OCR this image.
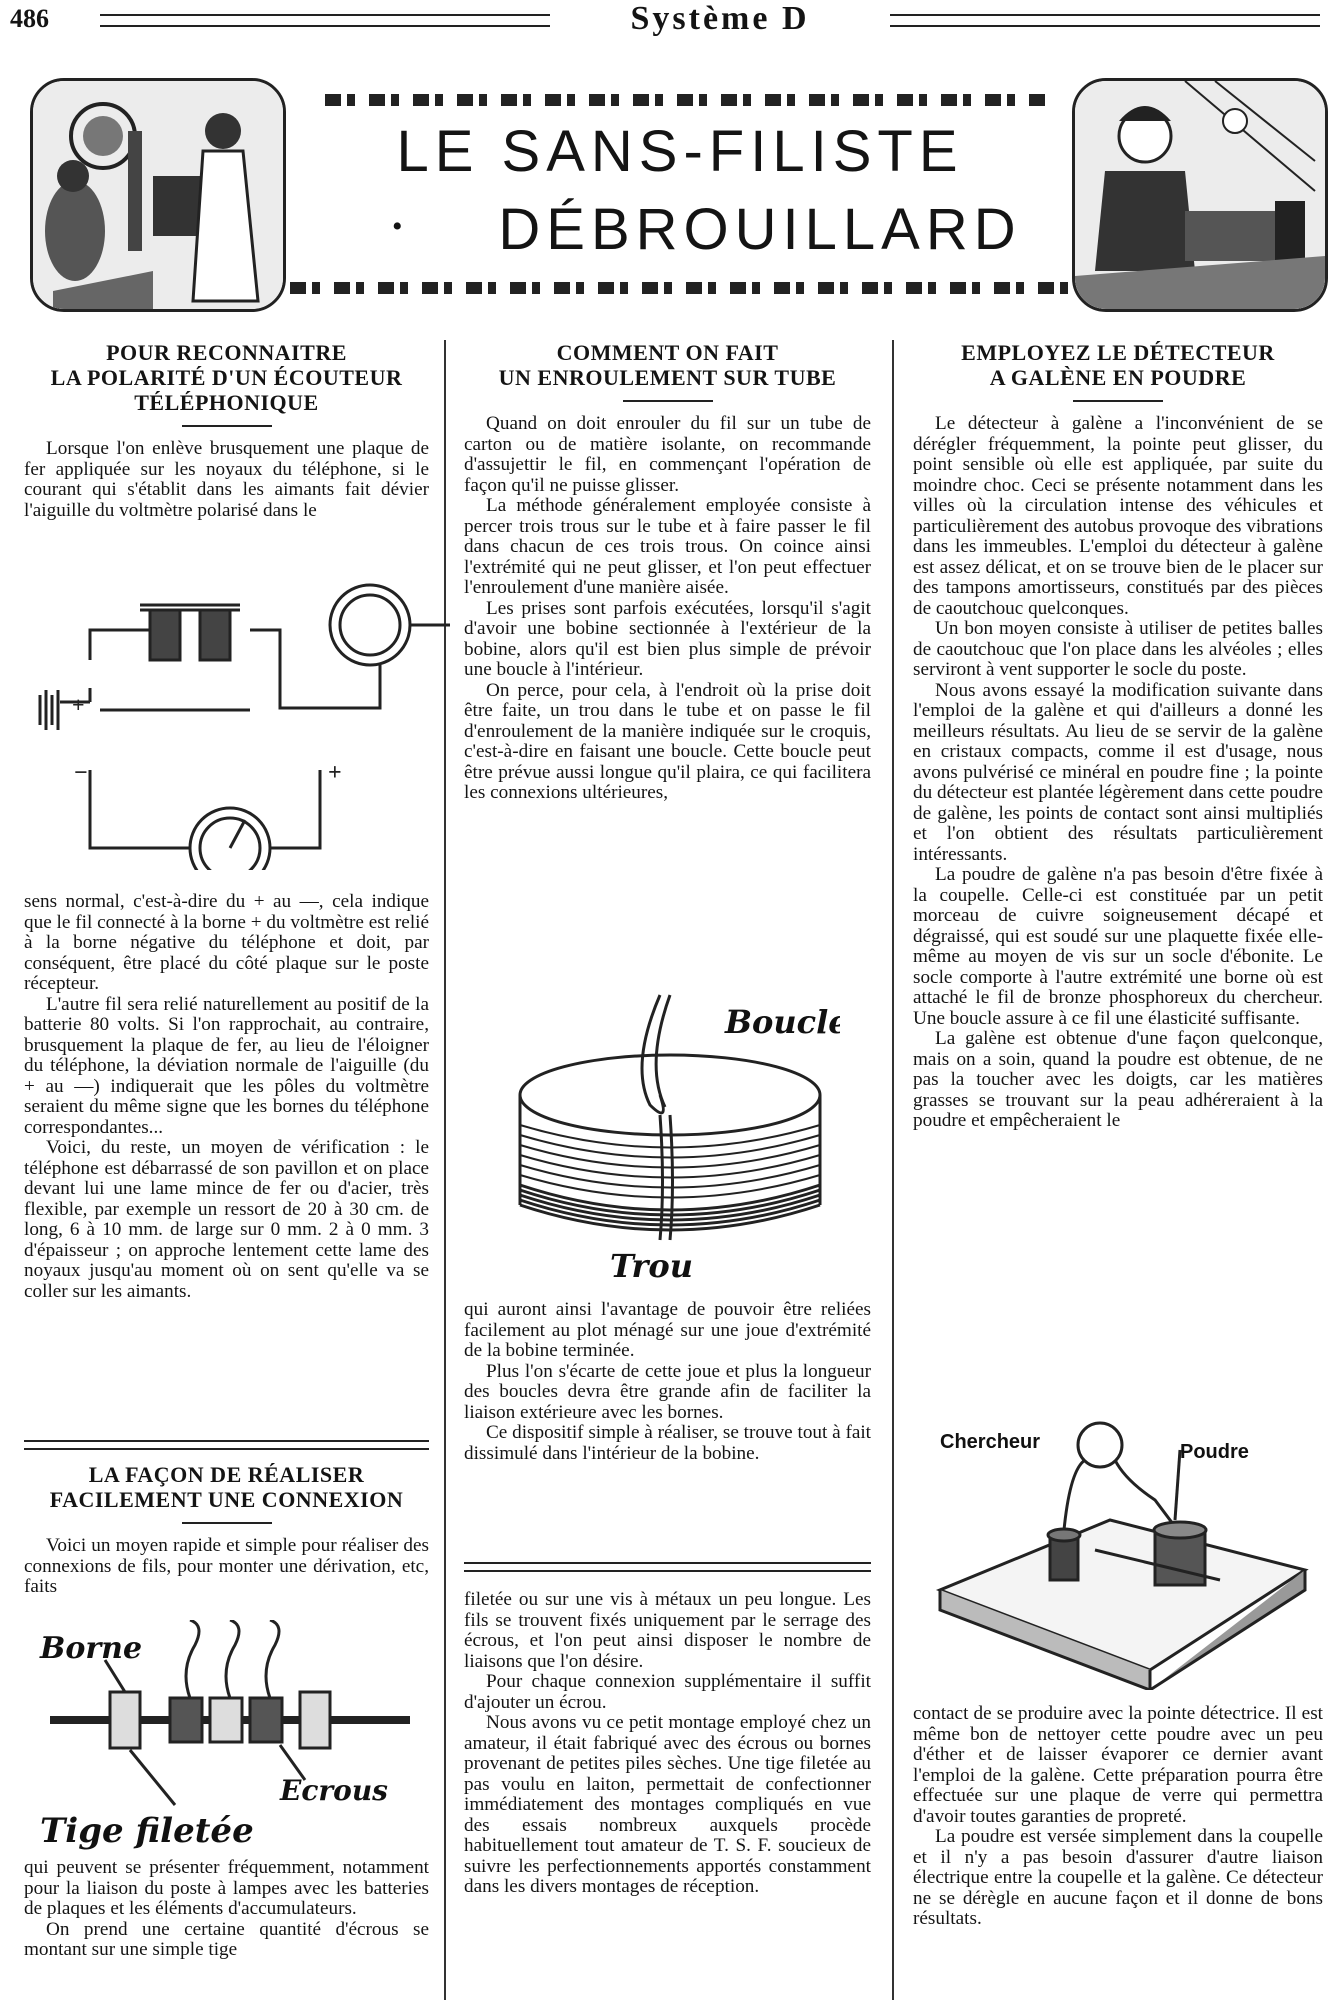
486	Système D
LE SANS-FILISTE
•	DÉBROUILLARD
POUR RECONNAITRE
LA POLARITÉ D'UN ÉCOUTEUR
TÉLÉPHONIQUE

Lorsque l'on enlève brusquement une plaque de fer appliquée sur les noyaux du téléphone, si le courant qui s'établit dans les aimants fait dévier l'aiguille du voltmètre polarisé dans le

+	−
−	+

sens normal, c'est-à-dire du + au —, cela indique que le fil connecté à la borne + du voltmètre est relié à la borne négative du téléphone et doit, par conséquent, être placé du côté plaque sur le poste récepteur.

L'autre fil sera relié naturellement au positif de la batterie 80 volts. Si l'on rapprochait, au contraire, brusquement la plaque de fer, au lieu de l'éloigner du téléphone, la déviation normale de l'aiguille (du + au —) indiquerait que les pôles du voltmètre seraient du même signe que les bornes du téléphone correspondantes...

Voici, du reste, un moyen de vérification : le téléphone est débarrassé de son pavillon et on place devant lui une lame mince de fer ou d'acier, très flexible, par exemple un ressort de 20 à 30 cm. de long, 6 à 10 mm. de large sur 0 mm. 2 à 0 mm. 3 d'épaisseur ; on approche lentement cette lame des noyaux jusqu'au moment où on sent qu'elle va se coller sur les aimants.

LA FAÇON DE RÉALISER
FACILEMENT UNE CONNEXION

Voici un moyen rapide et simple pour réaliser des connexions de fils, pour monter une dérivation, etc, faits

Borne
Tige filetée
Ecrous

qui peuvent se présenter fréquemment, notamment pour la liaison du poste à lampes avec les batteries de plaques et les éléments d'accumulateurs.

On prend une certaine quantité d'écrous se montant sur une simple tige

COMMENT ON FAIT
UN ENROULEMENT SUR TUBE

Quand on doit enrouler du fil sur un tube de carton ou de matière isolante, on recommande d'assujettir le fil, en commençant l'opération de façon qu'il ne puisse glisser.

La méthode généralement employée consiste à percer trois trous sur le tube et à faire passer le fil dans chacun de ces trois trous. On coince ainsi l'extrémité qui ne peut glisser, et l'on peut effectuer l'enroulement d'une manière aisée.

Les prises sont parfois exécutées, lorsqu'il s'agit d'avoir une bobine sectionnée à l'extérieur de la bobine, alors qu'il est bien plus simple de prévoir une boucle à l'intérieur.

On perce, pour cela, à l'endroit où la prise doit être faite, un trou dans le tube et on passe le fil d'enroulement de la manière indiquée sur le croquis, c'est-à-dire en faisant une boucle. Cette boucle peut être prévue aussi longue qu'il plaira, ce qui facilitera les connexions ultérieures,

Boucle
Trou

qui auront ainsi l'avantage de pouvoir être reliées facilement au plot ménagé sur une joue d'extrémité de la bobine terminée.

Plus l'on s'écarte de cette joue et plus la longueur des boucles devra être grande afin de faciliter la liaison extérieure avec les bornes.

Ce dispositif simple à réaliser, se trouve tout à fait dissimulé dans l'intérieur de la bobine.

filetée ou sur une vis à métaux un peu longue. Les fils se trouvent fixés uniquement par le serrage des écrous, et l'on peut ainsi disposer le nombre de liaisons que l'on désire.

Pour chaque connexion supplémentaire il suffit d'ajouter un écrou.

Nous avons vu ce petit montage employé chez un amateur, il était fabriqué avec des écrous ou bornes provenant de petites piles sèches. Une tige filetée au pas voulu en laiton, permettait de confectionner immédiatement des montages compliqués en vue des essais nombreux auxquels procède habituellement tout amateur de T. S. F. soucieux de suivre les perfectionnements apportés constamment dans les divers montages de réception.

EMPLOYEZ LE DÉTECTEUR
A GALÈNE EN POUDRE

Le détecteur à galène a l'inconvénient de se dérégler fréquemment, la pointe peut glisser, du point sensible où elle est appliquée, par suite du moindre choc. Ceci se présente notamment dans les villes où la circulation intense des véhicules et particulièrement des autobus provoque des vibrations dans les immeubles. L'emploi du détecteur à galène est assez délicat, et on se trouve bien de le placer sur des tampons amortisseurs, constitués par des pièces de caoutchouc quelconques.

Un bon moyen consiste à utiliser de petites balles de caoutchouc que l'on place dans les alvéoles ; elles serviront à vent supporter le socle du poste.

Nous avons essayé la modification suivante dans l'emploi de la galène et qui d'ailleurs a donné les meilleurs résultats. Au lieu de se servir de la galène en cristaux compacts, comme il est d'usage, nous avons pulvérisé ce minéral en poudre fine ; la pointe du détecteur est plantée légèrement dans cette poudre de galène, les points de contact sont ainsi multipliés et l'on obtient des résultats particulièrement intéressants.

La poudre de galène n'a pas besoin d'être fixée à la coupelle. Celle-ci est constituée par un petit morceau de cuivre soigneusement décapé et dégraissé, qui est soudé sur une plaquette fixée elle-même au moyen de vis sur un socle d'ébonite. Le socle comporte à l'autre extrémité une borne où est attaché le fil de bronze phosphoreux du chercheur. Une boucle assure à ce fil une élasticité suffisante.

La galène est obtenue d'une façon quelconque, mais on a soin, quand la poudre est obtenue, de ne pas la toucher avec les doigts, car les matières grasses se trouvant sur la peau adhéreraient à la poudre et empêcheraient le

Chercheur	Poudre

contact de se produire avec la pointe détectrice. Il est même bon de nettoyer cette poudre avec un peu d'éther et de laisser évaporer ce dernier avant l'emploi de la galène. Cette préparation pourra être effectuée sur une plaque de verre qui permettra d'avoir toutes garanties de propreté.

La poudre est versée simplement dans la coupelle et il n'y a pas besoin d'assurer d'autre liaison électrique entre la coupelle et la galène. Ce détecteur ne se dérègle en aucune façon et il donne de bons résultats.
